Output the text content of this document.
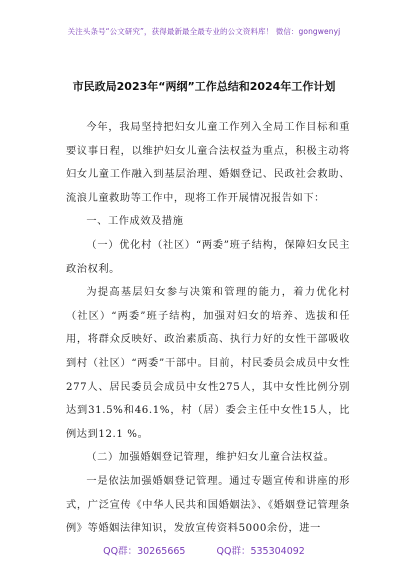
关注头条号“公文研究”，获得最新最全最专业的公文资料库！ 微信：gongwenyj
市民政局2023年“两纲”工作总结和2024年工作计划

今年，我局坚持把妇女儿童工作列入全局工作目标和重要议事日程，以维护妇女儿童合法权益为重点，积极主动将妇女儿童工作融入到基层治理、婚姻登记、民政社会救助、流浪儿童救助等工作中，现将工作开展情况报告如下：

一、工作成效及措施

（一）优化村（社区）“两委”班子结构，保障妇女民主政治权利。

为提高基层妇女参与决策和管理的能力，着力优化村（社区）“两委”班子结构，加强对妇女的培养、选拔和任用，将群众反映好、政治素质高、执行力好的女性干部吸收到村（社区）“两委”干部中。目前，村民委员会成员中女性277人、居民委员会成员中女性275人，其中女性比例分别达到31.5%和46.1%，村（居）委会主任中女性15人，比例达到12.1 %。

（二）加强婚姻登记管理，维护妇女儿童合法权益。

一是依法加强婚姻登记管理。通过专题宣传和讲座的形式，广泛宣传《中华人民共和国婚姻法》、《婚姻登记管理条例》等婚姻法律知识，发放宣传资料5000余份，进一

QQ群：30265665	QQ群：535304092
